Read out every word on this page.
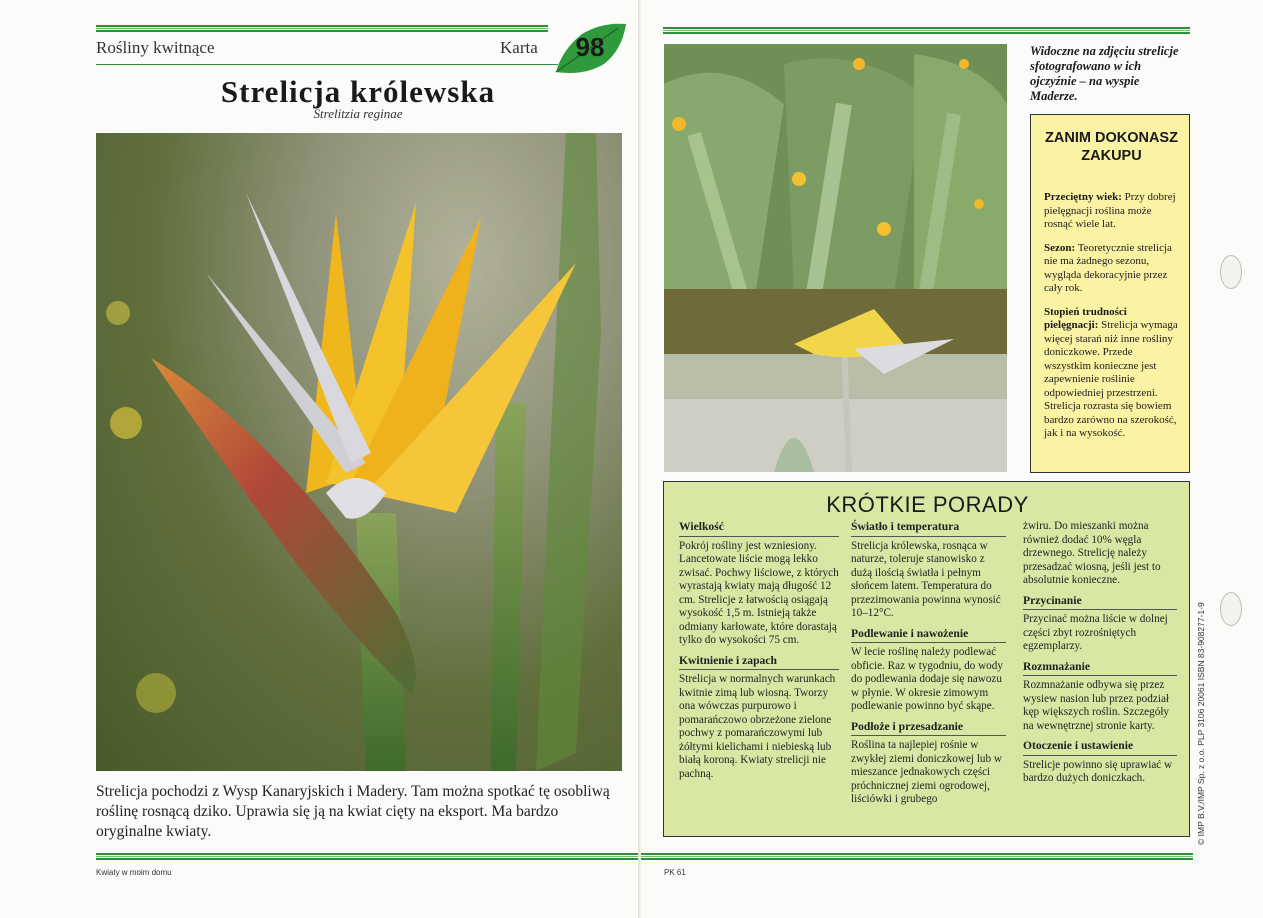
Rośliny kwitnące	Karta	98
Strelicja królewska
Strelitzia reginae
Strelicja pochodzi z Wysp Kanaryjskich i Madery. Tam można spotkać tę osobliwą roślinę rosnącą dziko. Uprawia się ją na kwiat cięty na eksport. Ma bardzo oryginalne kwiaty.
Kwiaty w moim domu
Widoczne na zdjęciu strelicje sfotografowano w ich ojczyźnie – na wyspie Maderze.
ZANIM DOKONASZ ZAKUPU
Przeciętny wiek: Przy dobrej pielęgnacji roślina może rosnąć wiele lat.
Sezon: Teoretycznie strelicja nie ma żadnego sezonu, wygląda dekoracyjnie przez cały rok.
Stopień trudności pielęgnacji: Strelicja wymaga więcej starań niż inne rośliny doniczkowe. Przede wszystkim konieczne jest zapewnienie roślinie odpowiedniej przestrzeni. Strelicja rozrasta się bowiem bardzo zarówno na szerokość, jak i na wysokość.
KRÓTKIE PORADY
Wielkość
Pokrój rośliny jest wzniesiony. Lancetowate liście mogą lekko zwisać. Pochwy liściowe, z których wyrastają kwiaty mają długość 12 cm. Strelicje z łatwością osiągają wysokość 1,5 m. Istnieją także odmiany karłowate, które dorastają tylko do wysokości 75 cm.
Kwitnienie i zapach
Strelicja w normalnych warunkach kwitnie zimą lub wiosną. Tworzy ona wówczas purpurowo i pomarańczowo obrzeżone zielone pochwy z pomarańczowymi lub żółtymi kielichami i niebieską lub białą koroną. Kwiaty strelicji nie pachną.
Światło i temperatura
Strelicja królewska, rosnąca w naturze, toleruje stanowisko z dużą ilością światła i pełnym słońcem latem. Temperatura do przezimowania powinna wynosić 10–12°C.
Podlewanie i nawożenie
W lecie roślinę należy podlewać obficie. Raz w tygodniu, do wody do podlewania dodaje się nawozu w płynie. W okresie zimowym podlewanie powinno być skąpe.
Podłoże i przesadzanie
Roślina ta najlepiej rośnie w zwykłej ziemi doniczkowej lub w mieszance jednakowych części próchnicznej ziemi ogrodowej, liściówki i grubego
żwiru. Do mieszanki można również dodać 10% węgla drzewnego. Strelicję należy przesadzać wiosną, jeśli jest to absolutnie konieczne.
Przycinanie
Przycinać można liście w dolnej części zbyt rozrośniętych egzemplarzy.
Rozmnażanie
Rozmnażanie odbywa się przez wysiew nasion lub przez podział kęp większych roślin. Szczegóły na wewnętrznej stronie karty.
Otoczenie i ustawienie
Strelicje powinno się uprawiać w bardzo dużych doniczkach.	© IMP B.V./IMP Sp. z o.o. PLP 3106 20061 ISBN 83-908277-1-9
PK 61
